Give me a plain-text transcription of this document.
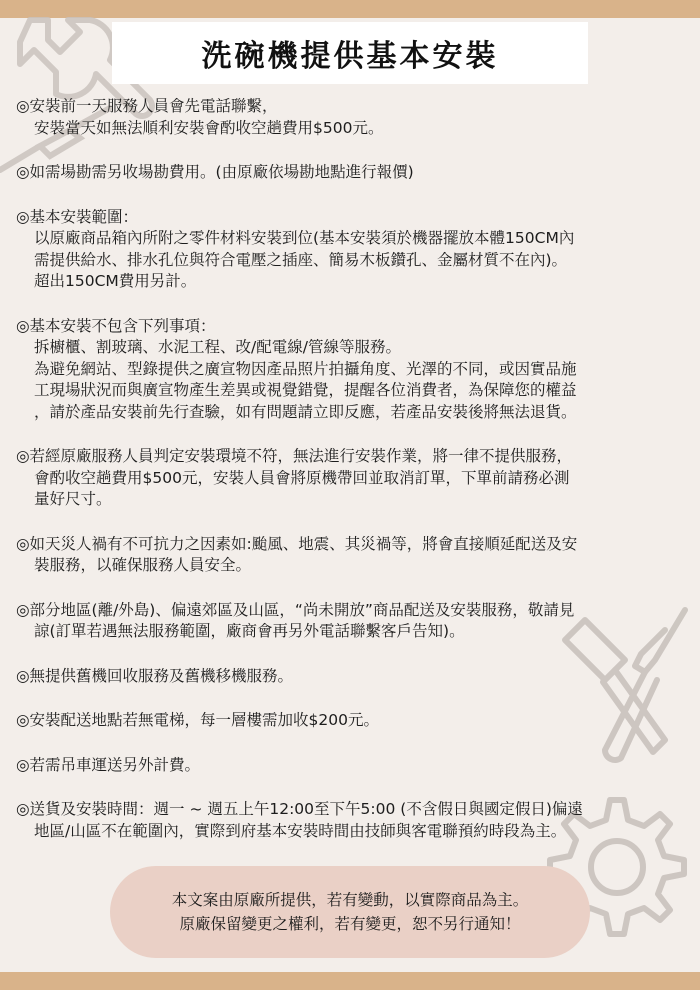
洗碗機提供基本安裝
◎安裝前一天服務人員會先電話聯繫，
安裝當天如無法順利安裝會酌收空趟費用$500元。
◎如需場勘需另收場勘費用。(由原廠依場勘地點進行報價)
◎基本安裝範圍：
以原廠商品箱內所附之零件材料安裝到位(基本安裝須於機器擺放本體150CM內
需提供給水、排水孔位與符合電壓之插座、簡易木板鑽孔、金屬材質不在內)。
超出150CM費用另計。
◎基本安裝不包含下列事項：
拆櫥櫃、割玻璃、水泥工程、改/配電線/管線等服務。
為避免網站、型錄提供之廣宣物因產品照片拍攝角度、光澤的不同，或因實品施
工現場狀況而與廣宣物產生差異或視覺錯覺，提醒各位消費者，為保障您的權益
，請於產品安裝前先行查驗，如有問題請立即反應，若產品安裝後將無法退貨。
◎若經原廠服務人員判定安裝環境不符，無法進行安裝作業，將一律不提供服務，
會酌收空趟費用$500元，安裝人員會將原機帶回並取消訂單，下單前請務必測
量好尺寸。
◎如天災人禍有不可抗力之因素如:颱風、地震、其災禍等，將會直接順延配送及安
裝服務，以確保服務人員安全。
◎部分地區(離/外島)、偏遠郊區及山區，“尚未開放”商品配送及安裝服務，敬請見
諒(訂單若遇無法服務範圍，廠商會再另外電話聯繫客戶告知)。
◎無提供舊機回收服務及舊機移機服務。
◎安裝配送地點若無電梯，每一層樓需加收$200元。
◎若需吊車運送另外計費。
◎送貨及安裝時間：週一 ~ 週五上午12:00至下午5:00 (不含假日與國定假日)偏遠
地區/山區不在範圍內，實際到府基本安裝時間由技師與客電聯預約時段為主。
本文案由原廠所提供，若有變動，以實際商品為主。
原廠保留變更之權利，若有變更，恕不另行通知！
